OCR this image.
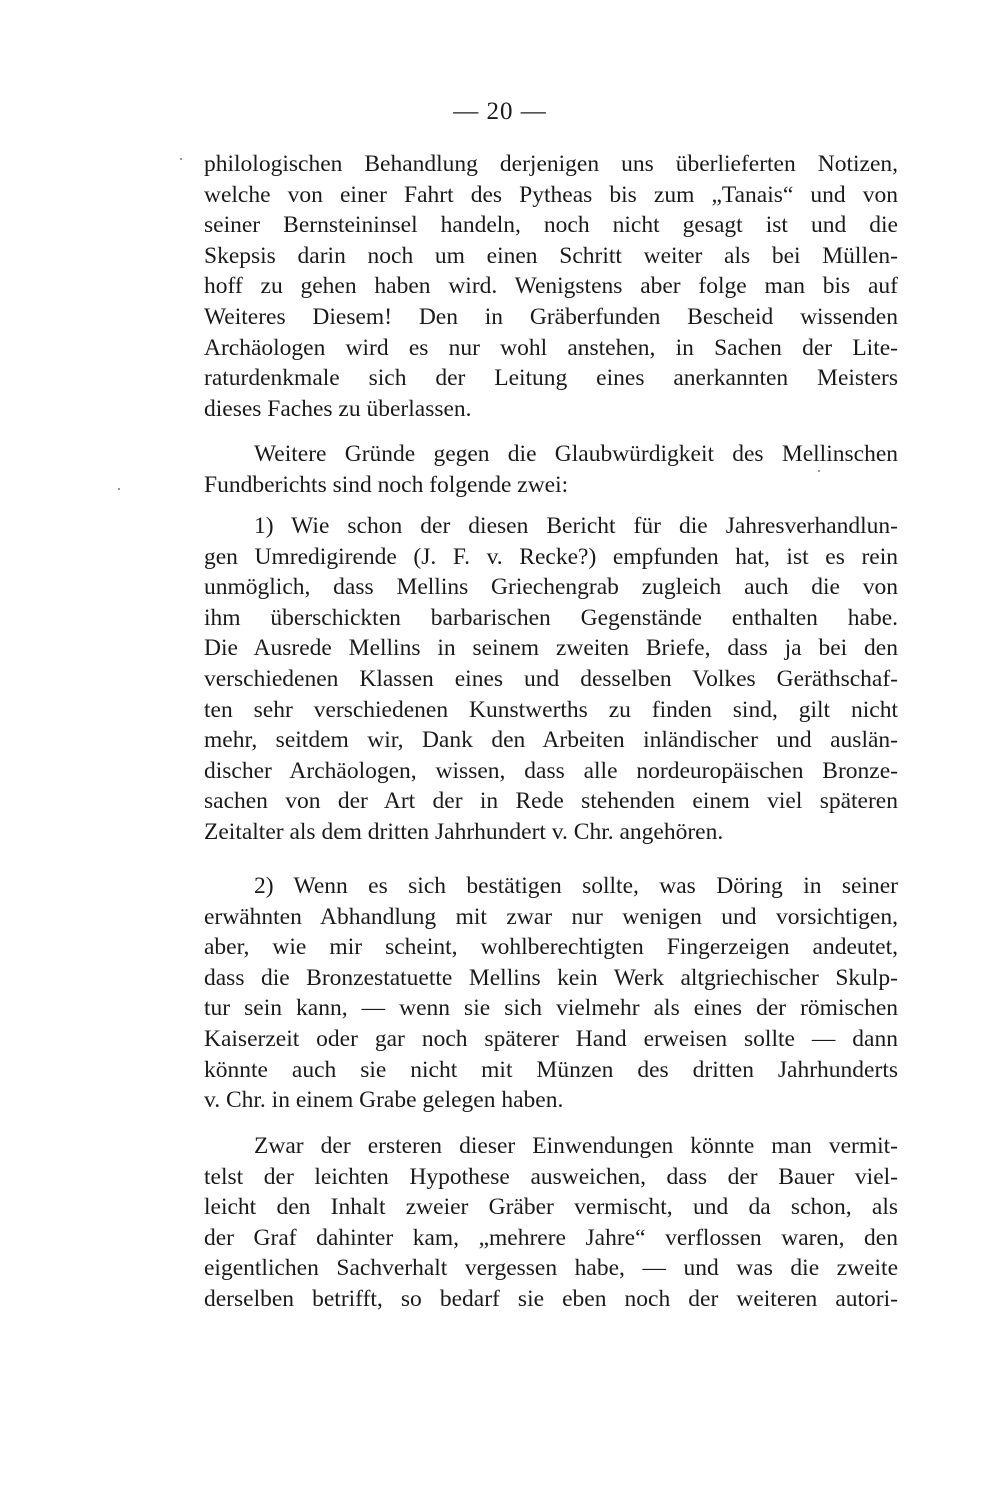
— 20 —
philologischen Behandlung derjenigen uns überlieferten Notizen,
welche von einer Fahrt des Pytheas bis zum „Tanais“ und von
seiner Bernsteininsel handeln, noch nicht gesagt ist und die
Skepsis darin noch um einen Schritt weiter als bei Müllen-
hoff zu gehen haben wird. Wenigstens aber folge man bis auf
Weiteres Diesem! Den in Gräberfunden Bescheid wissenden
Archäologen wird es nur wohl anstehen, in Sachen der Lite-
raturdenkmale sich der Leitung eines anerkannten Meisters
dieses Faches zu überlassen.
Weitere Gründe gegen die Glaubwürdigkeit des Mellinschen
Fundberichts sind noch folgende zwei:
1) Wie schon der diesen Bericht für die Jahresverhandlun-
gen Umredigirende (J. F. v. Recke?) empfunden hat, ist es rein
unmöglich, dass Mellins Griechengrab zugleich auch die von
ihm überschickten barbarischen Gegenstände enthalten habe.
Die Ausrede Mellins in seinem zweiten Briefe, dass ja bei den
verschiedenen Klassen eines und desselben Volkes Geräthschaf-
ten sehr verschiedenen Kunstwerths zu finden sind, gilt nicht
mehr, seitdem wir, Dank den Arbeiten inländischer und auslän-
discher Archäologen, wissen, dass alle nordeuropäischen Bronze-
sachen von der Art der in Rede stehenden einem viel späteren
Zeitalter als dem dritten Jahrhundert v. Chr. angehören.
2) Wenn es sich bestätigen sollte, was Döring in seiner
erwähnten Abhandlung mit zwar nur wenigen und vorsichtigen,
aber, wie mir scheint, wohlberechtigten Fingerzeigen andeutet,
dass die Bronzestatuette Mellins kein Werk altgriechischer Skulp-
tur sein kann, — wenn sie sich vielmehr als eines der römischen
Kaiserzeit oder gar noch späterer Hand erweisen sollte — dann
könnte auch sie nicht mit Münzen des dritten Jahrhunderts
v. Chr. in einem Grabe gelegen haben.
Zwar der ersteren dieser Einwendungen könnte man vermit-
telst der leichten Hypothese ausweichen, dass der Bauer viel-
leicht den Inhalt zweier Gräber vermischt, und da schon, als
der Graf dahinter kam, „mehrere Jahre“ verflossen waren, den
eigentlichen Sachverhalt vergessen habe, — und was die zweite
derselben betrifft, so bedarf sie eben noch der weiteren autori-
